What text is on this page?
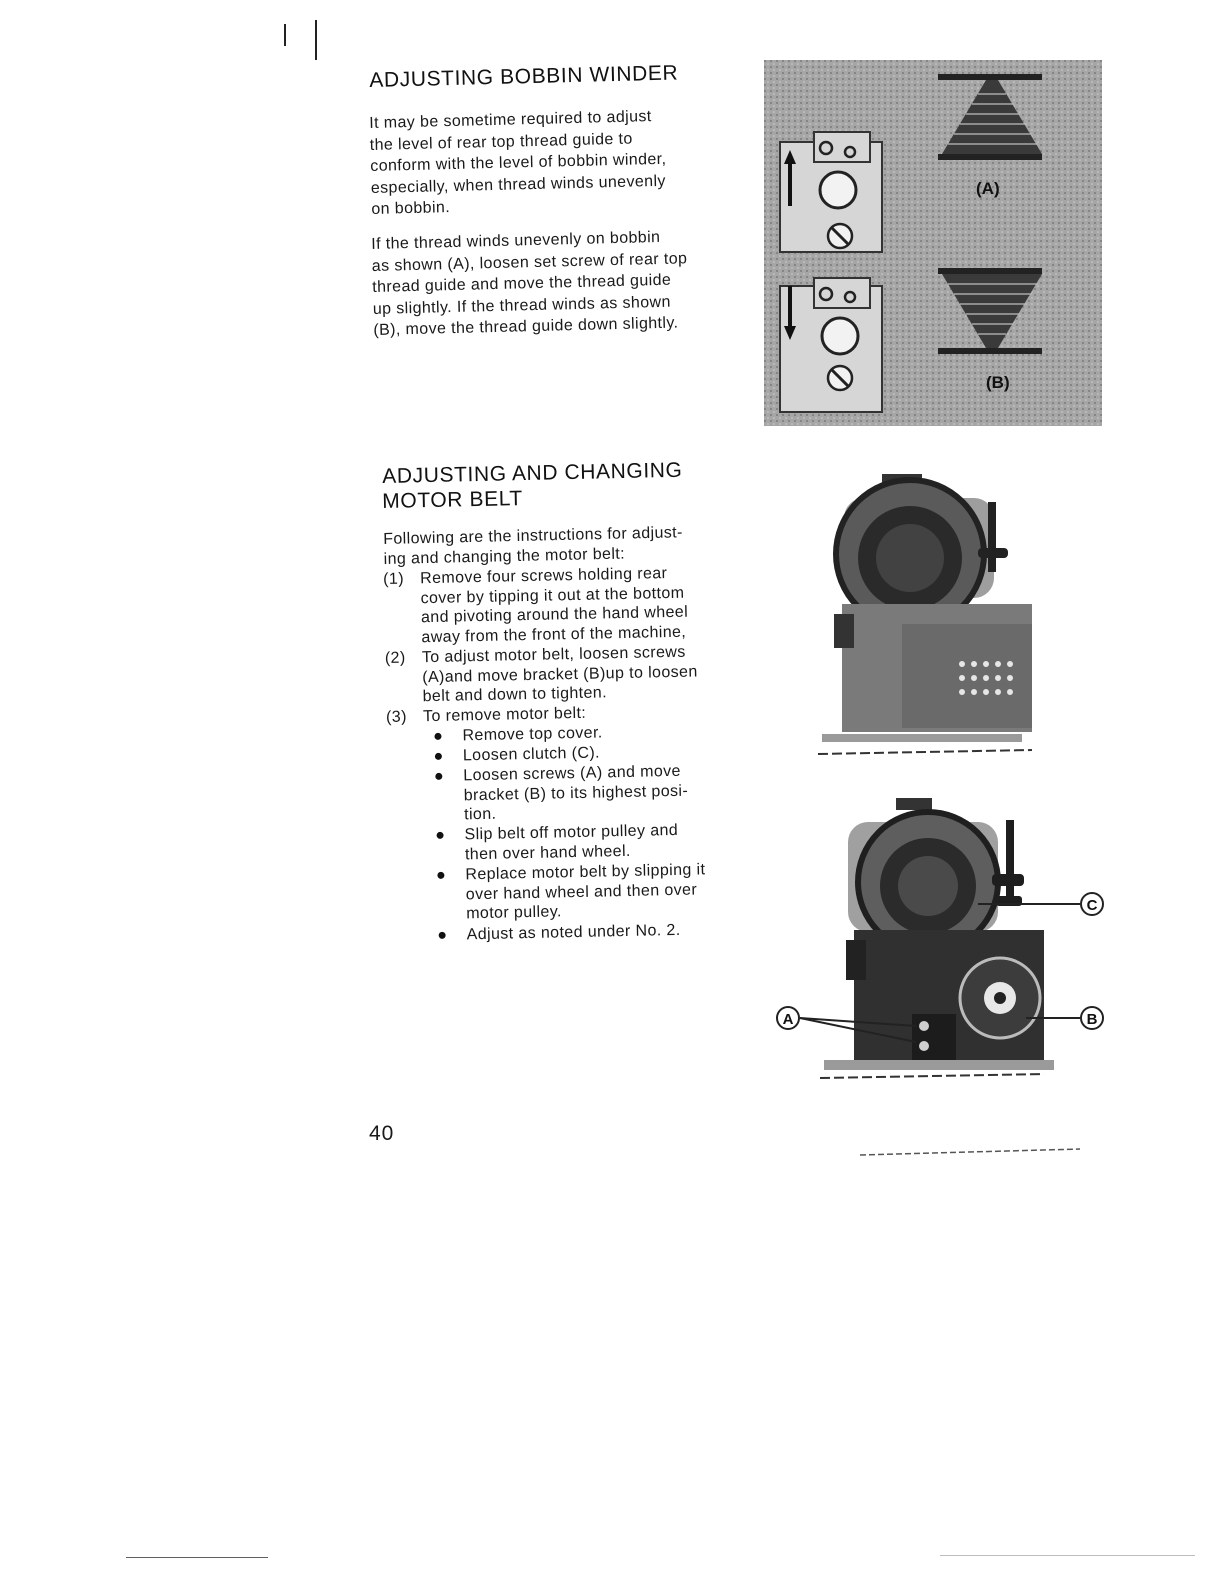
ADJUSTING BOBBIN WINDER
It may be sometime required to adjust
the level of rear top thread guide to
conform with the level of bobbin winder,
especially, when thread winds unevenly
on bobbin.
If the thread winds unevenly on bobbin
as shown (A), loosen set screw of rear top
thread guide and move the thread guide
up slightly. If the thread winds as shown
(B), move the thread guide down slightly.
(A)
(B)
ADJUSTING AND CHANGING
MOTOR BELT
Following are the instructions for adjust-
ing and changing the motor belt:
(1) Remove four screws holding rear
cover by tipping it out at the bottom
and pivoting around the hand wheel
away from the front of the machine,
(2) To adjust motor belt, loosen screws
(A)and move bracket (B)up to loosen
belt and down to tighten.
(3) To remove motor belt:
Remove top cover.
Loosen clutch (C).
Loosen screws (A) and move
bracket (B) to its highest posi-
tion.
Slip belt off motor pulley and
then over hand wheel.
Replace motor belt by slipping it
over hand wheel and then over
motor pulley.
Adjust as noted under No. 2.
C
A	B
40
